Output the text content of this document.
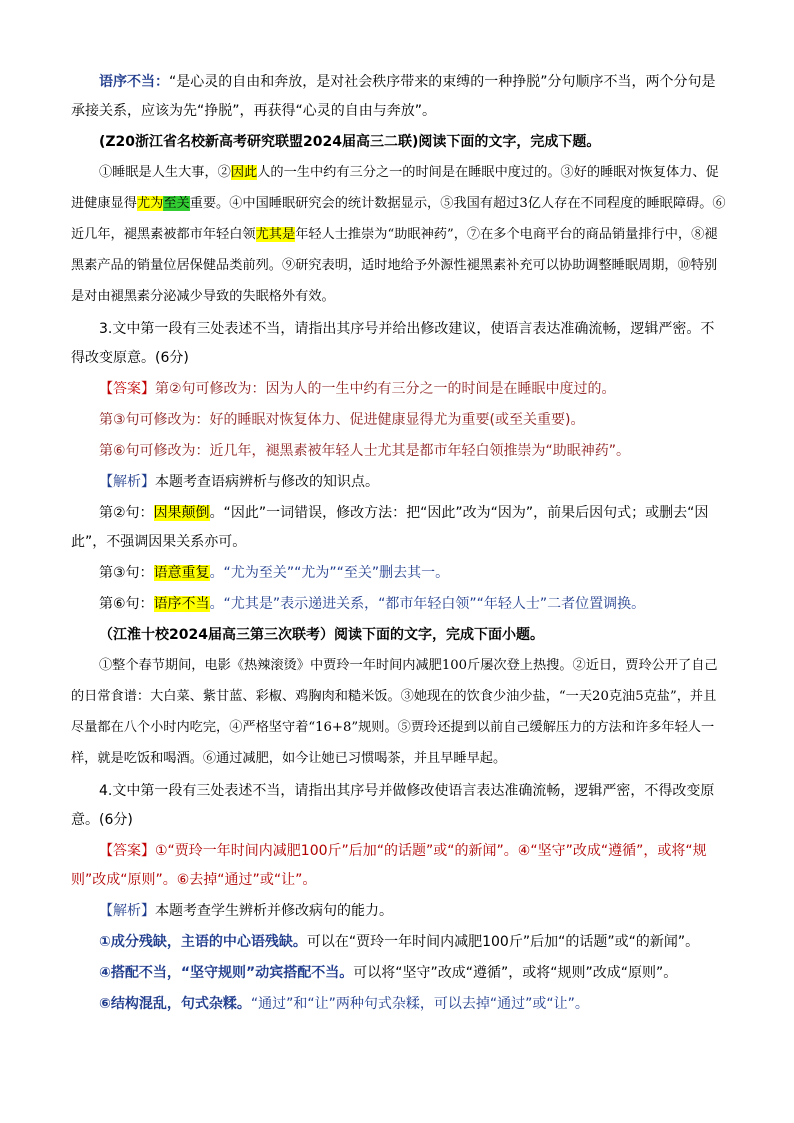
语序不当：“是心灵的自由和奔放，是对社会秩序带来的束缚的一种挣脱”分句顺序不当，两个分句是承接关系，应该为先“挣脱”，再获得“心灵的自由与奔放”。

(Z20浙江省名校新高考研究联盟2024届高三二联)阅读下面的文字，完成下题。

①睡眠是人生大事，②因此人的一生中约有三分之一的时间是在睡眠中度过的。③好的睡眠对恢复体力、促进健康显得尤为至关重要。④中国睡眠研究会的统计数据显示，⑤我国有超过3亿人存在不同程度的睡眠障碍。⑥近几年，褪黑素被都市年轻白领尤其是年轻人士推崇为“助眠神药”，⑦在多个电商平台的商品销量排行中，⑧褪黑素产品的销量位居保健品类前列。⑨研究表明，适时地给予外源性褪黑素补充可以协助调整睡眠周期，⑩特别是对由褪黑素分泌减少导致的失眠格外有效。

3.文中第一段有三处表述不当，请指出其序号并给出修改建议，使语言表达准确流畅，逻辑严密。不得改变原意。(6分)

【答案】第②句可修改为：因为人的一生中约有三分之一的时间是在睡眠中度过的。

第③句可修改为：好的睡眠对恢复体力、促进健康显得尤为重要(或至关重要)。

第⑥句可修改为：近几年，褪黑素被年轻人士尤其是都市年轻白领推崇为“助眠神药”。

【解析】本题考查语病辨析与修改的知识点。

第②句：因果颠倒。“因此”一词错误，修改方法：把“因此”改为“因为”，前果后因句式；或删去“因此”，不强调因果关系亦可。

第③句：语意重复。“尤为至关”“尤为”“至关”删去其一。

第⑥句：语序不当。“尤其是”表示递进关系，“都市年轻白领”“年轻人士”二者位置调换。

（江淮十校2024届高三第三次联考）阅读下面的文字，完成下面小题。

①整个春节期间，电影《热辣滚烫》中贾玲一年时间内减肥100斤屡次登上热搜。②近日，贾玲公开了自己的日常食谱：大白菜、紫甘蓝、彩椒、鸡胸肉和糙米饭。③她现在的饮食少油少盐，“一天20克油5克盐”，并且尽量都在八个小时内吃完，④严格坚守着“16+8”规则。⑤贾玲还提到以前自己缓解压力的方法和许多年轻人一样，就是吃饭和喝酒。⑥通过减肥，如今让她已习惯喝茶，并且早睡早起。

4.文中第一段有三处表述不当，请指出其序号并做修改使语言表达准确流畅，逻辑严密，不得改变原意。(6分)

【答案】①“贾玲一年时间内减肥100斤”后加“的话题”或“的新闻”。④“坚守”改成“遵循”，或将“规则”改成“原则”。⑥去掉“通过”或“让”。

【解析】本题考查学生辨析并修改病句的能力。

①成分残缺，主语的中心语残缺。可以在“贾玲一年时间内减肥100斤”后加“的话题”或“的新闻”。

④搭配不当，“坚守规则”动宾搭配不当。可以将“坚守”改成“遵循”，或将“规则”改成“原则”。

⑥结构混乱，句式杂糅。“通过”和“让”两种句式杂糅，可以去掉“通过”或“让”。
